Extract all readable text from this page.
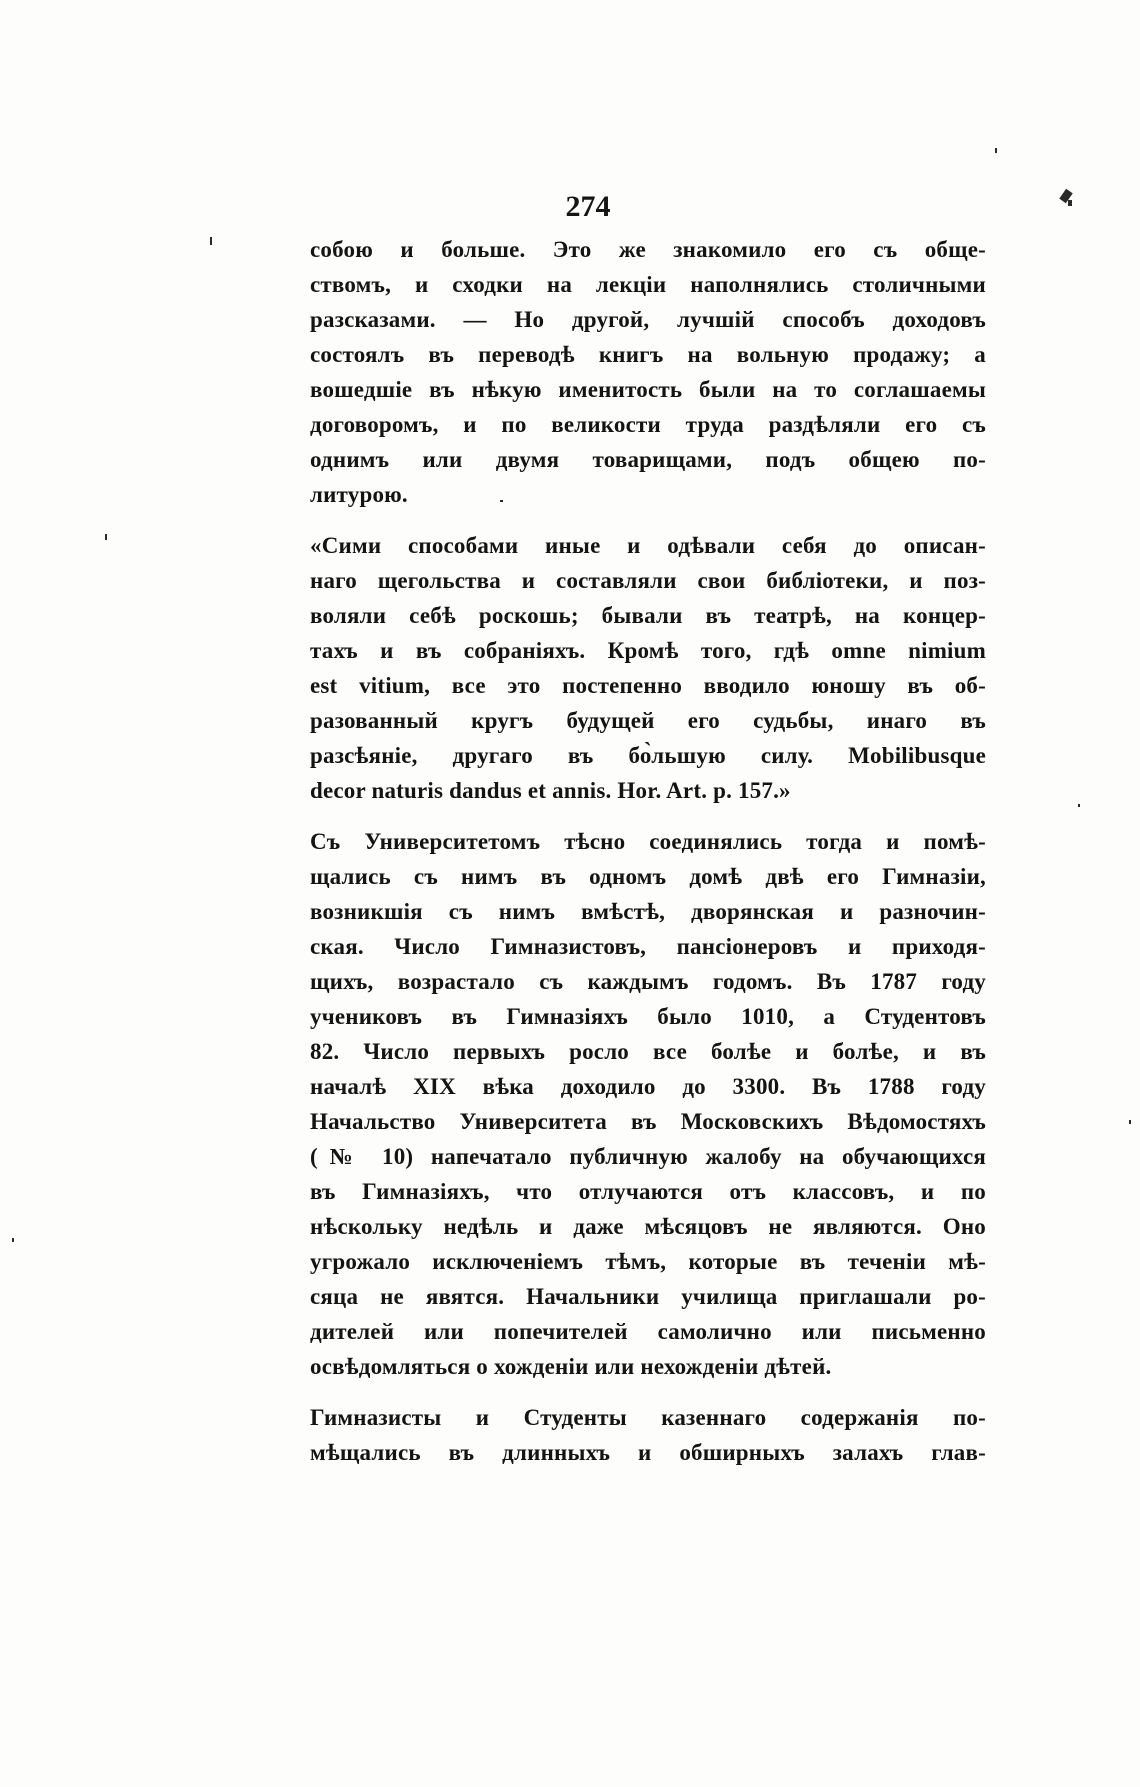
274
собою и больше. Это же знакомило его съ обще-
ствомъ, и сходки на лекціи наполнялись столичными
разсказами. — Но другой, лучшій способъ доходовъ
состоялъ въ переводѣ книгъ на вольную продажу; а
вошедшіе въ нѣкую именитость были на то соглашаемы
договоромъ, и по великости труда раздѣляли его съ
однимъ или двумя товарищами, подъ общею по-
литурою.
«Сими способами иные и одѣвали себя до описан-
наго щегольства и составляли свои библіотеки, и поз-
воляли себѣ роскошь; бывали въ театрѣ, на концер-
тахъ и въ собраніяхъ. Кромѣ того, гдѣ omne nimium
est vitium, все это постепенно вводило юношу въ об-
разованный кругъ будущей его судьбы, инаго въ
разсѣяніе, другаго въ бо̀льшую силу. Mobilibusque
decor naturis dandus et annis. Hor. Art. p. 157.»
Съ Университетомъ тѣсно соединялись тогда и помѣ-
щались съ нимъ въ одномъ домѣ двѣ его Гимназіи,
возникшія съ нимъ вмѣстѣ, дворянская и разночин-
ская. Число Гимназистовъ, пансіонеровъ и приходя-
щихъ, возрастало съ каждымъ годомъ. Въ 1787 году
учениковъ въ Гимназіяхъ было 1010, а Студентовъ
82. Число первыхъ росло все болѣе и болѣе, и въ
началѣ XIX вѣка доходило до 3300. Въ 1788 году
Начальство Университета въ Московскихъ Вѣдомостяхъ
(№ 10) напечатало публичную жалобу на обучающихся
въ Гимназіяхъ, что отлучаются отъ классовъ, и по
нѣскольку недѣль и даже мѣсяцовъ не являются. Оно
угрожало исключеніемъ тѣмъ, которые въ теченіи мѣ-
сяца не явятся. Начальники училища приглашали ро-
дителей или попечителей самолично или письменно
освѣдомляться о хожденіи или нехожденіи дѣтей.
Гимназисты и Студенты казеннаго содержанія по-
мѣщались въ длинныхъ и обширныхъ залахъ глав-
